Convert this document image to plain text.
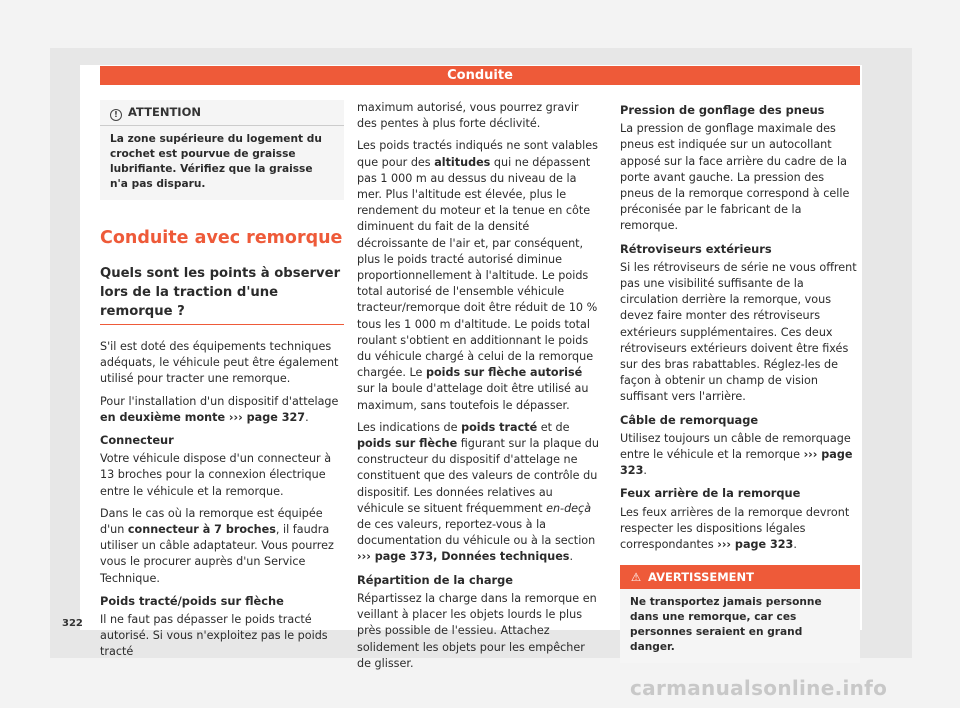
Conduite
! ATTENTION
La zone supérieure du logement du crochet est pourvue de graisse lubrifiante. Vérifiez que la graisse n'a pas disparu.
Conduite avec remorque
Quels sont les points à observer lors de la traction d'une remorque ?

S'il est doté des équipements techniques adéquats, le véhicule peut être également utilisé pour tracter une remorque.

Pour l'installation d'un dispositif d'attelage en deuxième monte ››› page 327.

Connecteur

Votre véhicule dispose d'un connecteur à 13 broches pour la connexion électrique entre le véhicule et la remorque.

Dans le cas où la remorque est équipée d'un connecteur à 7 broches, il faudra utiliser un câble adaptateur. Vous pourrez vous le procurer auprès d'un Service Technique.

Poids tracté/poids sur flèche

Il ne faut pas dépasser le poids tracté autorisé. Si vous n'exploitez pas le poids tracté

maximum autorisé, vous pourrez gravir des pentes à plus forte déclivité.

Les poids tractés indiqués ne sont valables que pour des altitudes qui ne dépassent pas 1 000 m au dessus du niveau de la mer. Plus l'altitude est élevée, plus le rendement du moteur et la tenue en côte diminuent du fait de la densité décroissante de l'air et, par conséquent, plus le poids tracté autorisé diminue proportionnellement à l'altitude. Le poids total autorisé de l'ensemble véhicule tracteur/remorque doit être réduit de 10 % tous les 1 000 m d'altitude. Le poids total roulant s'obtient en additionnant le poids du véhicule chargé à celui de la remorque chargée. Le poids sur flèche autorisé sur la boule d'attelage doit être utilisé au maximum, sans toutefois le dépasser.

Les indications de poids tracté et de poids sur flèche figurant sur la plaque du constructeur du dispositif d'attelage ne constituent que des valeurs de contrôle du dispositif. Les données relatives au véhicule se situent fréquemment en-deçà de ces valeurs, reportez-vous à la documentation du véhicule ou à la section ››› page 373, Données techniques.

Répartition de la charge

Répartissez la charge dans la remorque en veillant à placer les objets lourds le plus près possible de l'essieu. Attachez solidement les objets pour les empêcher de glisser.

Pression de gonflage des pneus

La pression de gonflage maximale des pneus est indiquée sur un autocollant apposé sur la face arrière du cadre de la porte avant gauche. La pression des pneus de la remorque correspond à celle préconisée par le fabricant de la remorque.

Rétroviseurs extérieurs

Si les rétroviseurs de série ne vous offrent pas une visibilité suffisante de la circulation derrière la remorque, vous devez faire monter des rétroviseurs extérieurs supplémentaires. Ces deux rétroviseurs extérieurs doivent être fixés sur des bras rabattables. Réglez-les de façon à obtenir un champ de vision suffisant vers l'arrière.

Câble de remorquage

Utilisez toujours un câble de remorquage entre le véhicule et la remorque ››› page 323.

Feux arrière de la remorque

Les feux arrières de la remorque devront respecter les dispositions légales correspondantes ››› page 323.

⚠ AVERTISSEMENT
Ne transportez jamais personne dans une remorque, car ces personnes seraient en grand danger.
322
carmanualsonline.info
